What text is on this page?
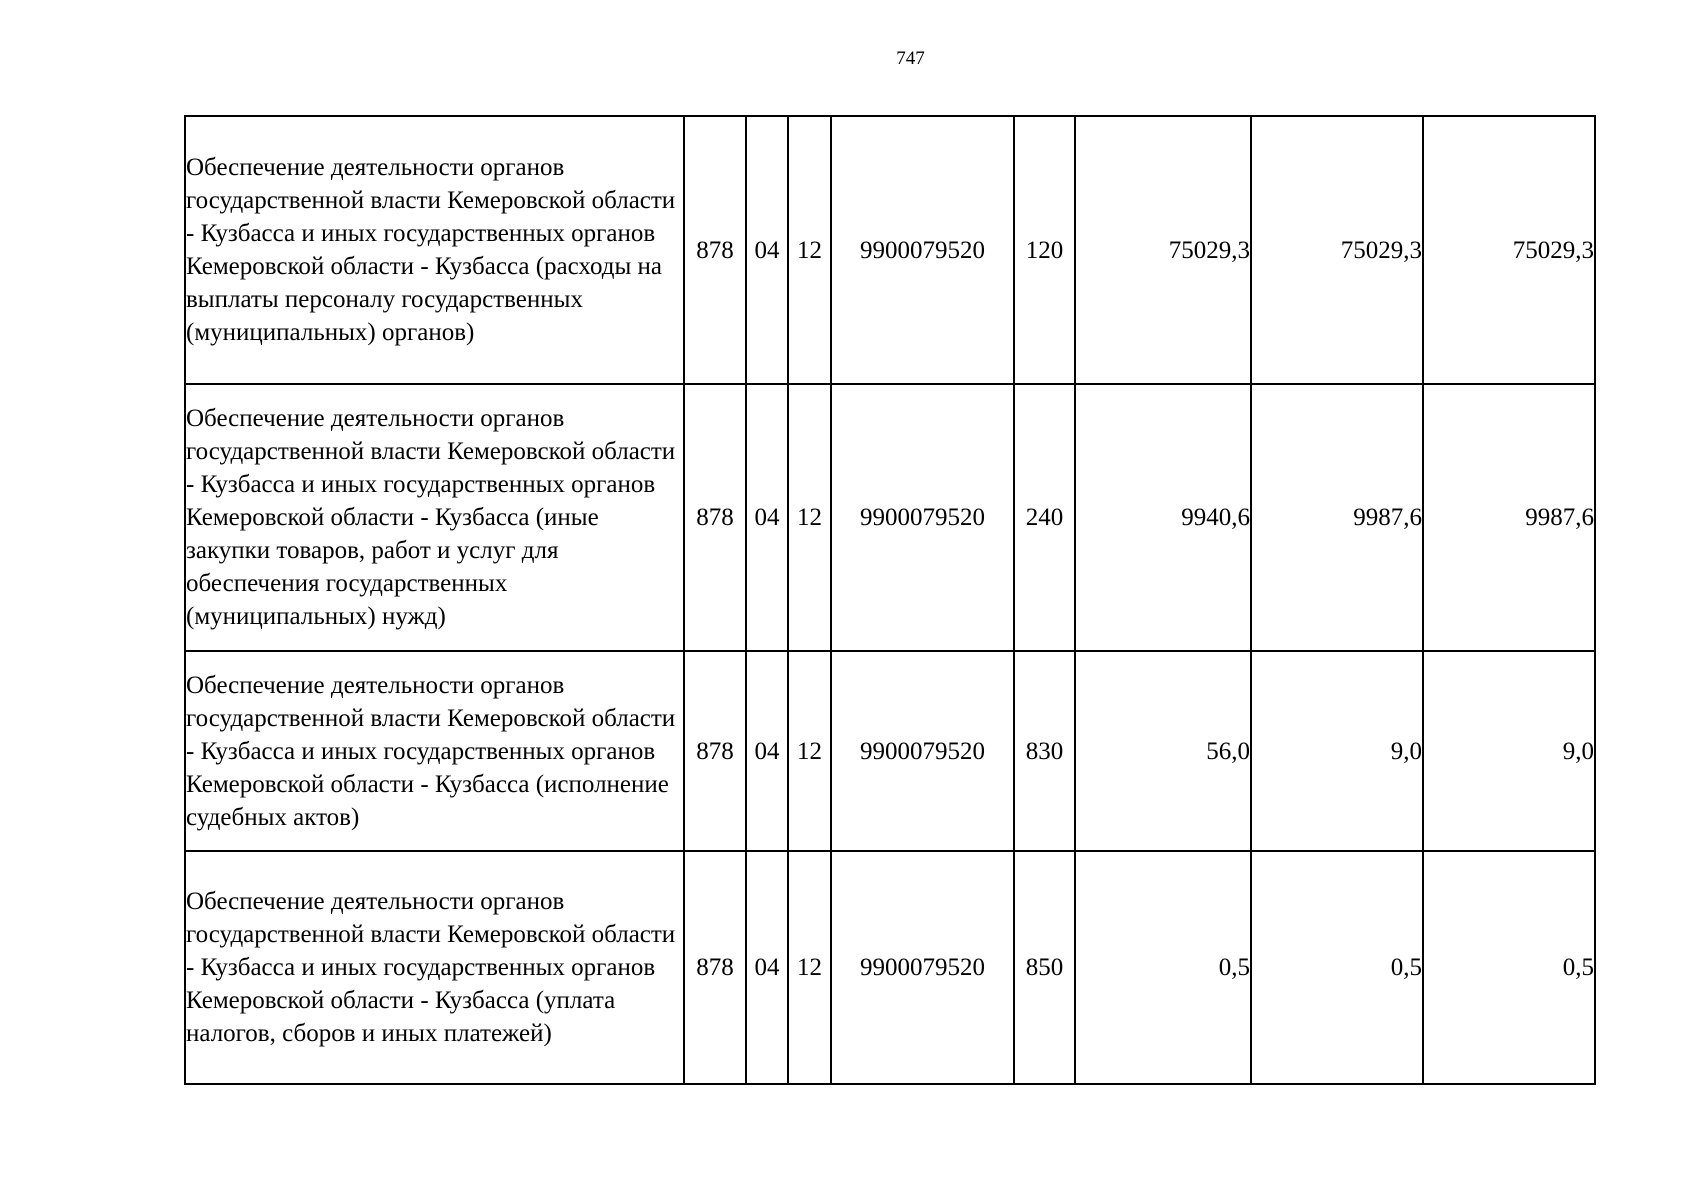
747
Обеспечение деятельности органов государственной власти Кемеровской области - Кузбасса и иных государственных органов Кемеровской области - Кузбасса (расходы на выплаты персоналу государственных (муниципальных) органов)	878	04	12	9900079520	120	75029,3	75029,3	75029,3
Обеспечение деятельности органов государственной власти Кемеровской области - Кузбасса и иных государственных органов Кемеровской области - Кузбасса (иные закупки товаров, работ и услуг для обеспечения государственных (муниципальных) нужд)	878	04	12	9900079520	240	9940,6	9987,6	9987,6
Обеспечение деятельности органов государственной власти Кемеровской области - Кузбасса и иных государственных органов Кемеровской области - Кузбасса (исполнение судебных актов)	878	04	12	9900079520	830	56,0	9,0	9,0
Обеспечение деятельности органов государственной власти Кемеровской области - Кузбасса и иных государственных органов Кемеровской области - Кузбасса (уплата налогов, сборов и иных платежей)	878	04	12	9900079520	850	0,5	0,5	0,5
